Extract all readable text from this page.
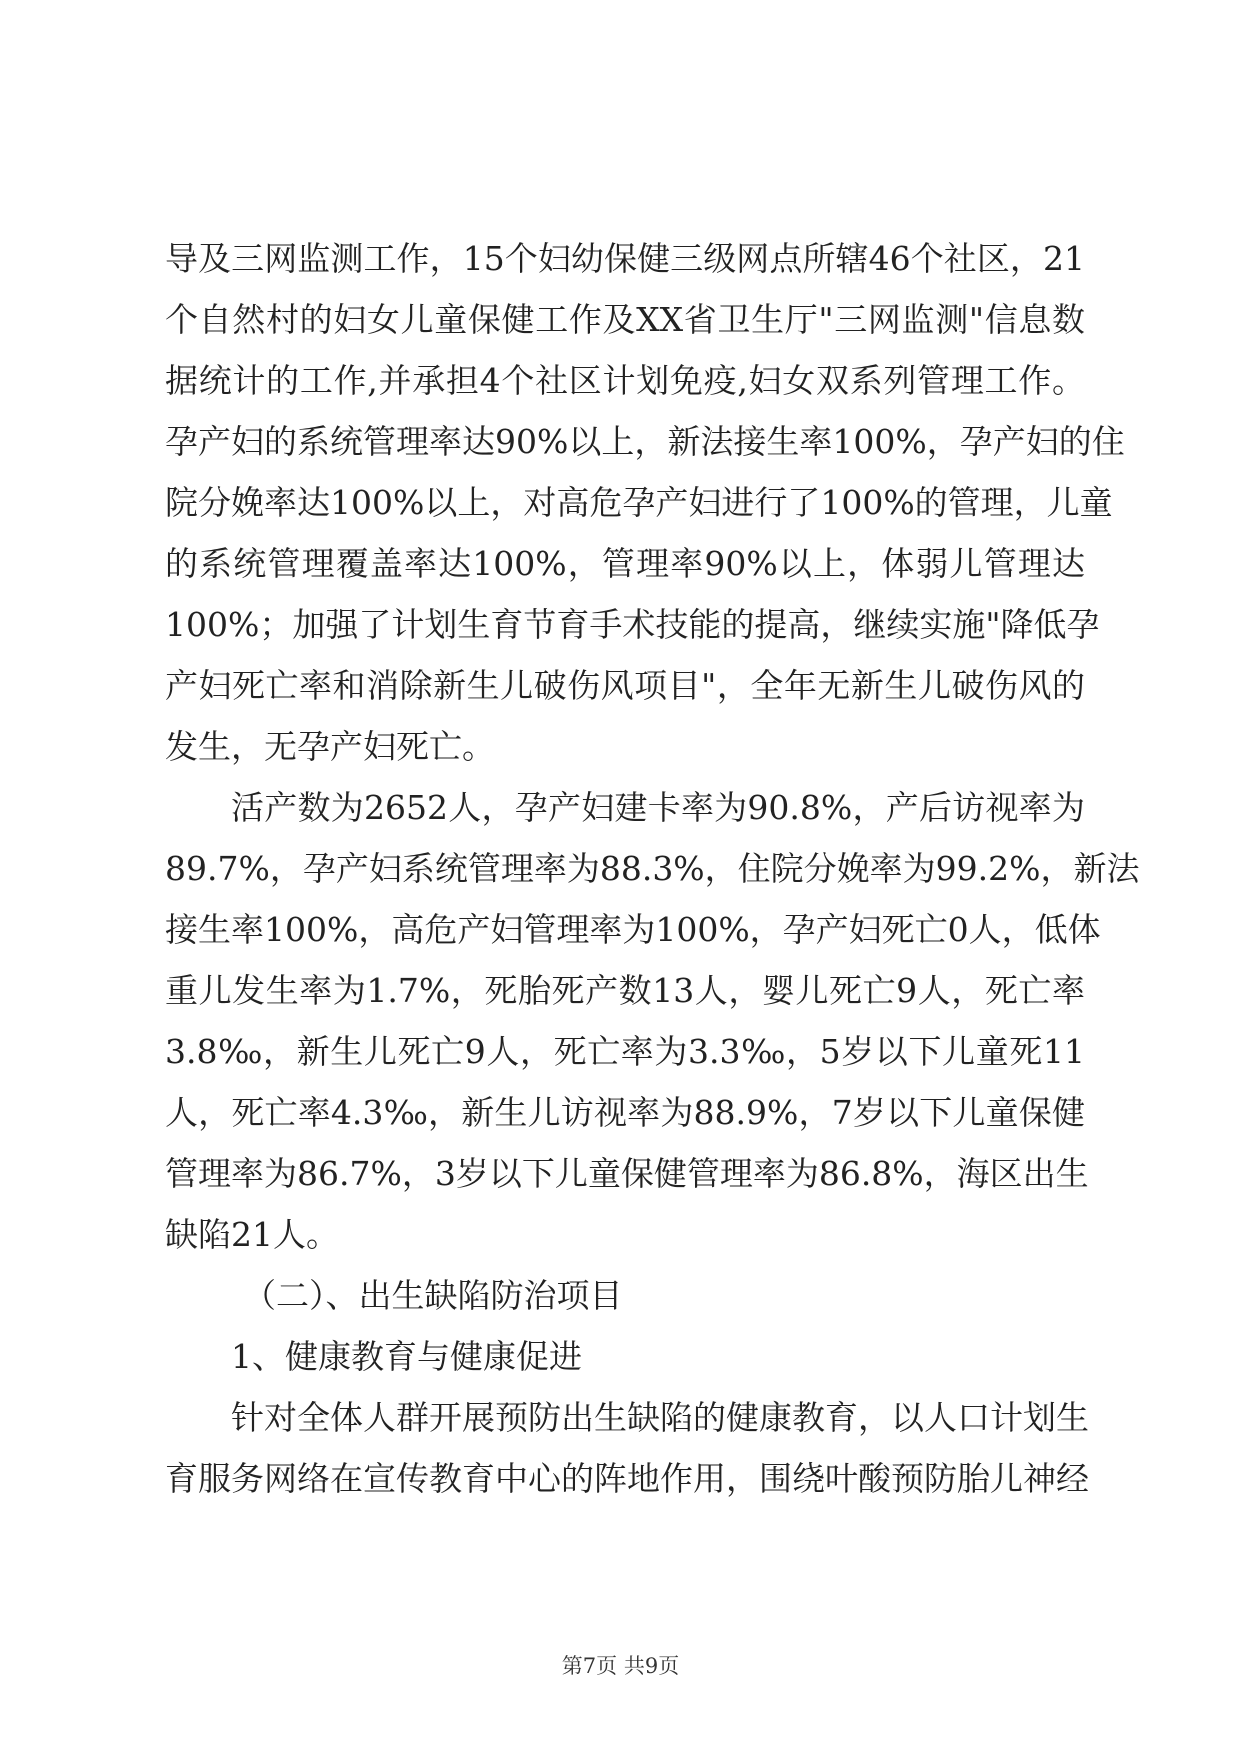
导及三网监测工作，15个妇幼保健三级网点所辖46个社区，21
个自然村的妇女儿童保健工作及XX省卫生厅"三网监测"信息数
据统计的工作,并承担4个社区计划免疫,妇女双系列管理工作。
孕产妇的系统管理率达90%以上，新法接生率100%，孕产妇的住
院分娩率达100%以上，对高危孕产妇进行了100%的管理，儿童
的系统管理覆盖率达100%，管理率90%以上，体弱儿管理达
100%；加强了计划生育节育手术技能的提高，继续实施"降低孕
产妇死亡率和消除新生儿破伤风项目"，全年无新生儿破伤风的
发生，无孕产妇死亡。
活产数为2652人，孕产妇建卡率为90.8%，产后访视率为
89.7%，孕产妇系统管理率为88.3%，住院分娩率为99.2%，新法
接生率100%，高危产妇管理率为100%，孕产妇死亡0人，低体
重儿发生率为1.7%，死胎死产数13人，婴儿死亡9人，死亡率
3.8‰，新生儿死亡9人，死亡率为3.3‰，5岁以下儿童死11
人，死亡率4.3‰，新生儿访视率为88.9%，7岁以下儿童保健
管理率为86.7%，3岁以下儿童保健管理率为86.8%，海区出生
缺陷21人。
（二）、出生缺陷防治项目
1、健康教育与健康促进
针对全体人群开展预防出生缺陷的健康教育，以人口计划生
育服务网络在宣传教育中心的阵地作用，围绕叶酸预防胎儿神经
第7页 共9页
